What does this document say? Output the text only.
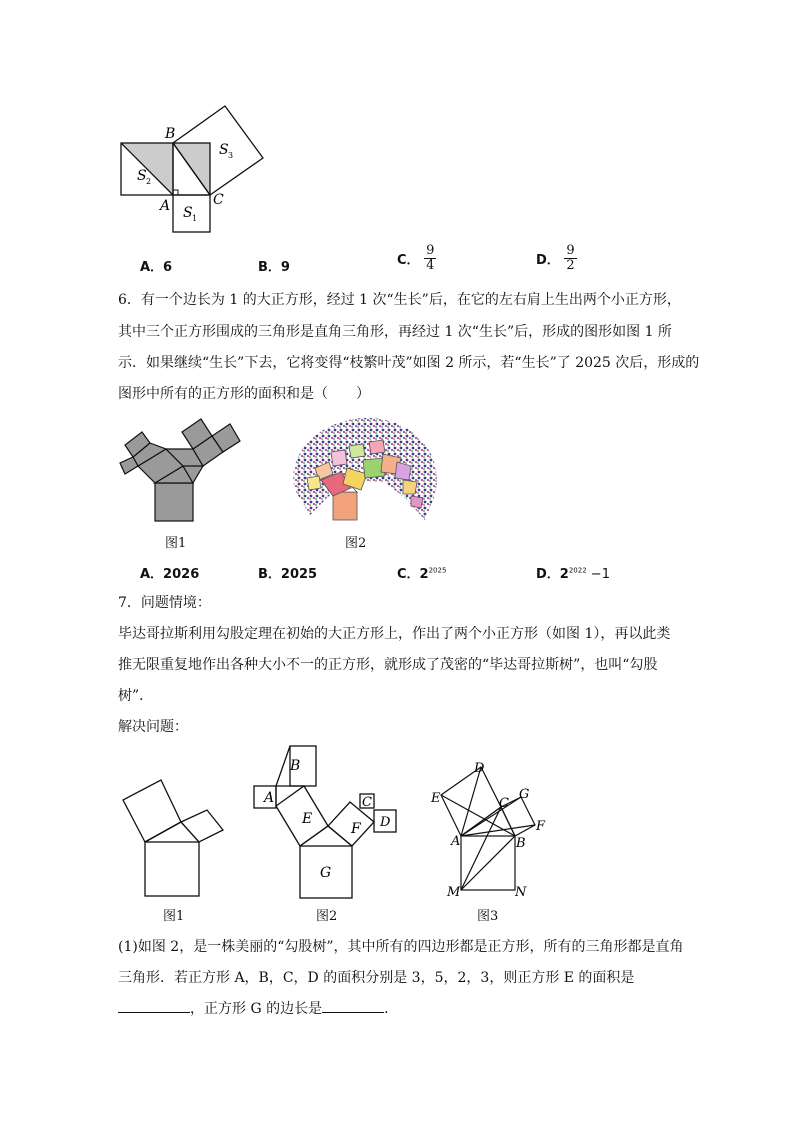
B
A	C
S 1
S 2
S 3
A．6	B．9	C． $\frac{9}{4}$	D． $\frac{9}{2}$
6．有一个边长为 1 的大正方形，经过 1 次“生长”后，在它的左右肩上生出两个小正方形，
其中三个正方形围成的三角形是直角三角形，再经过 1 次“生长”后，形成的图形如图 1 所
示．如果继续“生长”下去，它将变得“枝繁叶茂”如图 2 所示，若“生长”了 2025 次后，形成的
图形中所有的正方形的面积和是（　　）
图1	图2
A．2026	B．2025	C．$2^{2025}$	D．$2^{2022} -1$
7．问题情境：
毕达哥拉斯利用勾股定理在初始的大正方形上，作出了两个小正方形（如图 1），再以此类
推无限重复地作出各种大小不一的正方形，就形成了茂密的“毕达哥拉斯树”，也叫“勾股
树”．
解决问题：
图1
A
B
C
D
E
F
G
图2
D
E	C
G
F
A	B
M	N
图3
(1)如图 2，是一株美丽的“勾股树”，其中所有的四边形都是正方形，所有的三角形都是直角
三角形．若正方形 A，B，C，D 的面积分别是 3，5，2，3，则正方形 E 的面积是
，正方形 G 的边长是	．
